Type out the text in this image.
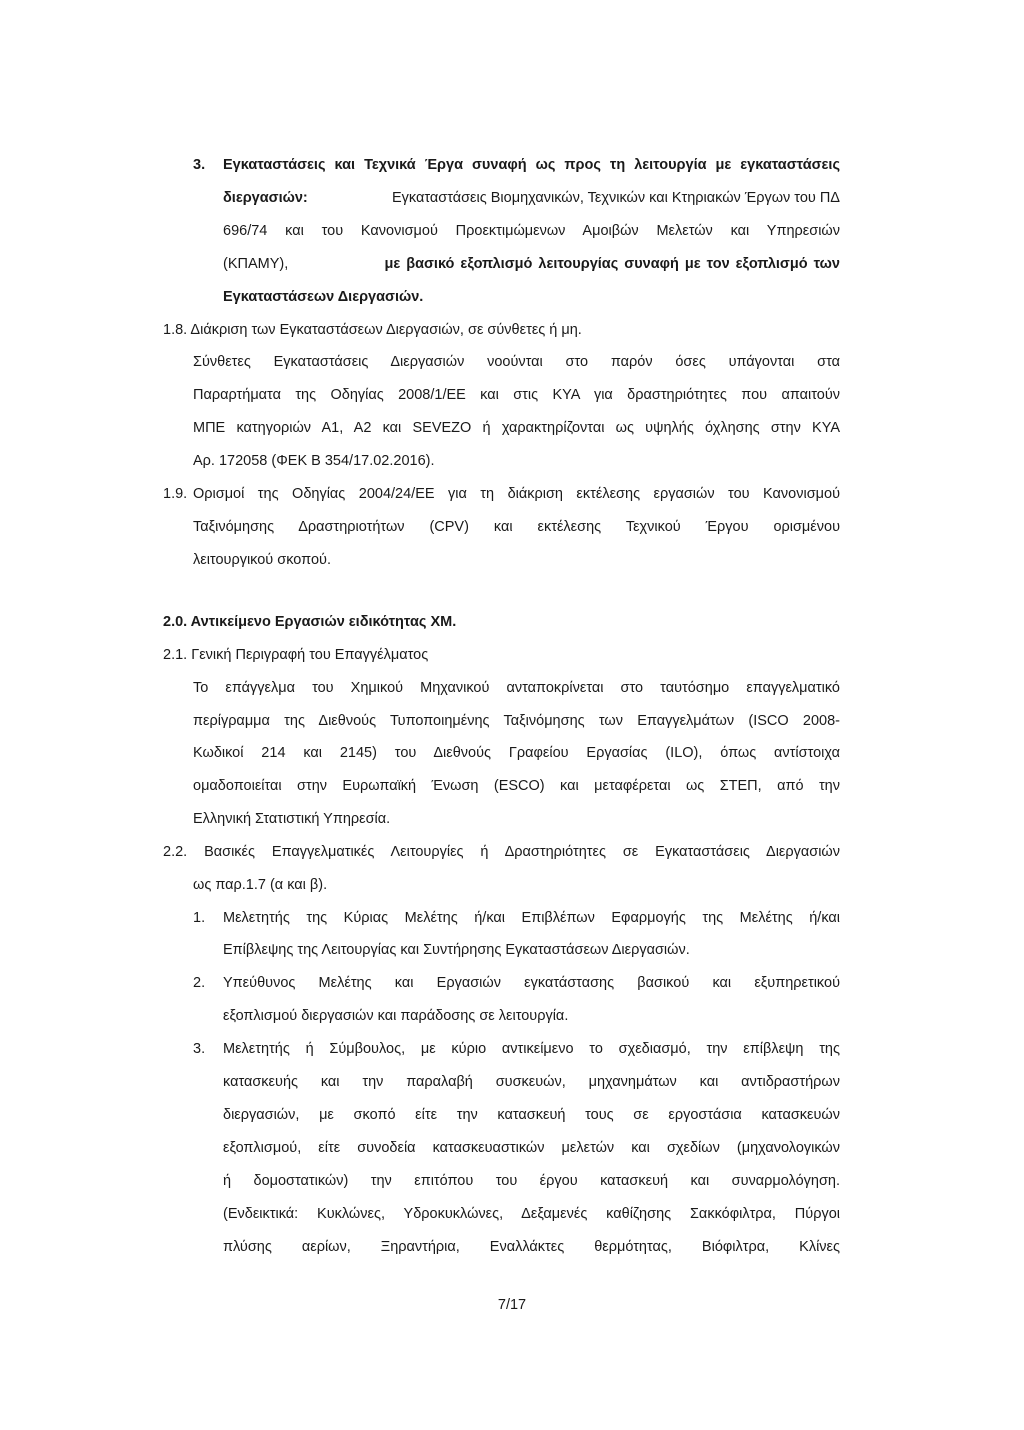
3. Εγκαταστάσεις και Τεχνικά Έργα συναφή ως προς τη λειτουργία με εγκαταστάσεις
διεργασιών:	Εγκαταστάσεις Βιομηχανικών, Τεχνικών και Κτηριακών Έργων του ΠΔ
696/74 και του Κανονισμού Προεκτιμώμενων Αμοιβών Μελετών και Υπηρεσιών
(ΚΠΑΜΥ),	με βασικό εξοπλισμό λειτουργίας συναφή με τον εξοπλισμό των
Εγκαταστάσεων Διεργασιών.
1.8. Διάκριση των Εγκαταστάσεων Διεργασιών, σε σύνθετες ή μη.
Σύνθετες Εγκαταστάσεις Διεργασιών νοούνται στο παρόν όσες υπάγονται στα
Παραρτήματα της Οδηγίας 2008/1/ΕΕ και στις ΚΥΑ για δραστηριότητες που απαιτούν
ΜΠΕ κατηγοριών Α1, Α2 και SEVEZO ή χαρακτηρίζονται ως υψηλής όχλησης στην ΚΥΑ
Αρ. 172058 (ΦΕΚ Β 354/17.02.2016).
1.9. Ορισμοί της Οδηγίας 2004/24/ΕΕ για τη διάκριση εκτέλεσης εργασιών του Κανονισμού
Ταξινόμησης Δραστηριοτήτων (CPV) και εκτέλεσης Τεχνικού Έργου ορισμένου
λειτουργικού σκοπού.
2.0. Αντικείμενο Εργασιών ειδικότητας ΧΜ.
2.1. Γενική Περιγραφή του Επαγγέλματος
Το επάγγελμα του Χημικού Μηχανικού ανταποκρίνεται στο ταυτόσημο επαγγελματικό
περίγραμμα της Διεθνούς Τυποποιημένης Ταξινόμησης των Επαγγελμάτων (ISCO 2008-
Κωδικοί 214 και 2145) του Διεθνούς Γραφείου Εργασίας (ILO), όπως αντίστοιχα
ομαδοποιείται στην Ευρωπαϊκή Ένωση (ESCO) και μεταφέρεται ως ΣΤΕΠ, από την
Ελληνική Στατιστική Υπηρεσία.
2.2. Βασικές Επαγγελματικές Λειτουργίες ή Δραστηριότητες σε Εγκαταστάσεις Διεργασιών
ως παρ.1.7 (α και β).
1. Μελετητής της Κύριας Μελέτης ή/και Επιβλέπων Εφαρμογής της Μελέτης ή/και
Επίβλεψης της Λειτουργίας και Συντήρησης Εγκαταστάσεων Διεργασιών.
2. Υπεύθυνος Μελέτης και Εργασιών εγκατάστασης βασικού και εξυπηρετικού
εξοπλισμού διεργασιών και παράδοσης σε λειτουργία.
3. Μελετητής ή Σύμβουλος, με κύριο αντικείμενο το σχεδιασμό, την επίβλεψη της
κατασκευής και την παραλαβή συσκευών, μηχανημάτων και αντιδραστήρων
διεργασιών, με σκοπό είτε την κατασκευή τους σε εργοστάσια κατασκευών
εξοπλισμού, είτε συνοδεία κατασκευαστικών μελετών και σχεδίων (μηχανολογικών
ή δομοστατικών) την επιτόπου του έργου κατασκευή και συναρμολόγηση.
(Ενδεικτικά: Κυκλώνες, Υδροκυκλώνες, Δεξαμενές καθίζησης Σακκόφιλτρα, Πύργοι
πλύσης αερίων, Ξηραντήρια, Εναλλάκτες θερμότητας, Βιόφιλτρα, Κλίνες
7/17
